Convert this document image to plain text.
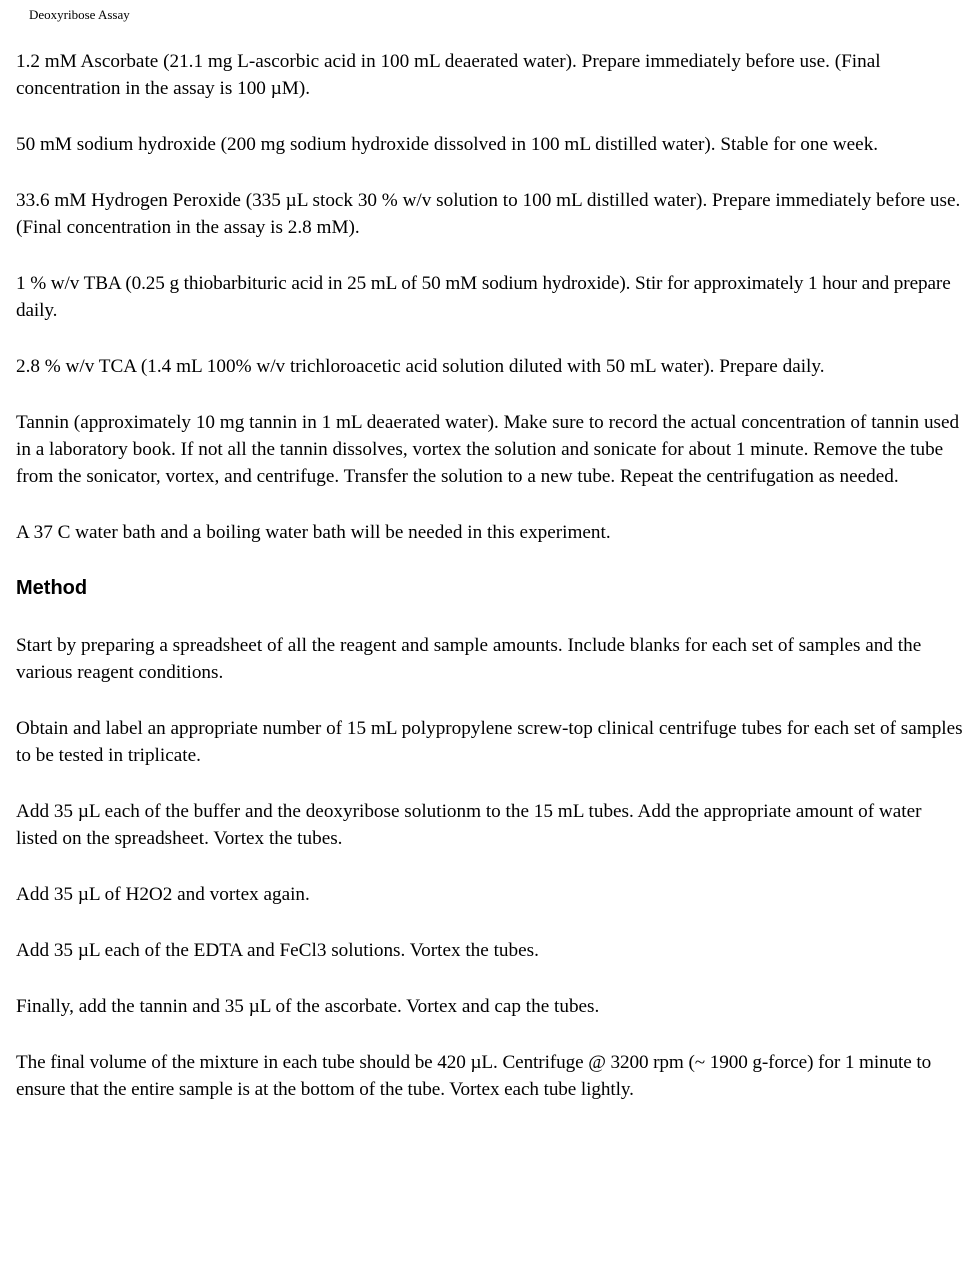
Deoxyribose Assay

1.2 mM Ascorbate (21.1 mg L-ascorbic acid in 100 mL deaerated water). Prepare immediately before use. (Final concentration in the assay is 100 µM).

50 mM sodium hydroxide (200 mg sodium hydroxide dissolved in 100 mL distilled water). Stable for one week.

33.6 mM Hydrogen Peroxide (335 µL stock 30 % w/v solution to 100 mL distilled water). Prepare immediately before use. (Final concentration in the assay is 2.8 mM).

1 % w/v TBA (0.25 g thiobarbituric acid in 25 mL of 50 mM sodium hydroxide). Stir for approximately 1 hour and prepare daily.

2.8 % w/v TCA (1.4 mL 100% w/v trichloroacetic acid solution diluted with 50 mL water). Prepare daily.

Tannin (approximately 10 mg tannin in 1 mL deaerated water). Make sure to record the actual concentration of tannin used in a laboratory book. If not all the tannin dissolves, vortex the solution and sonicate for about 1 minute. Remove the tube from the sonicator, vortex, and centrifuge. Transfer the solution to a new tube. Repeat the centrifugation as needed.

A 37 C water bath and a boiling water bath will be needed in this experiment.

Method

Start by preparing a spreadsheet of all the reagent and sample amounts. Include blanks for each set of samples and the various reagent conditions.

Obtain and label an appropriate number of 15 mL polypropylene screw-top clinical centrifuge tubes for each set of samples to be tested in triplicate.

Add 35 µL each of the buffer and the deoxyribose solutionm to the 15 mL tubes. Add the appropriate amount of water listed on the spreadsheet. Vortex the tubes.

Add 35 µL of H2O2 and vortex again.

Add 35 µL each of the EDTA and FeCl3 solutions. Vortex the tubes.

Finally, add the tannin and 35 µL of the ascorbate. Vortex and cap the tubes.

The final volume of the mixture in each tube should be 420 µL. Centrifuge @ 3200 rpm (~ 1900 g-force) for 1 minute to ensure that the entire sample is at the bottom of the tube. Vortex each tube lightly.
